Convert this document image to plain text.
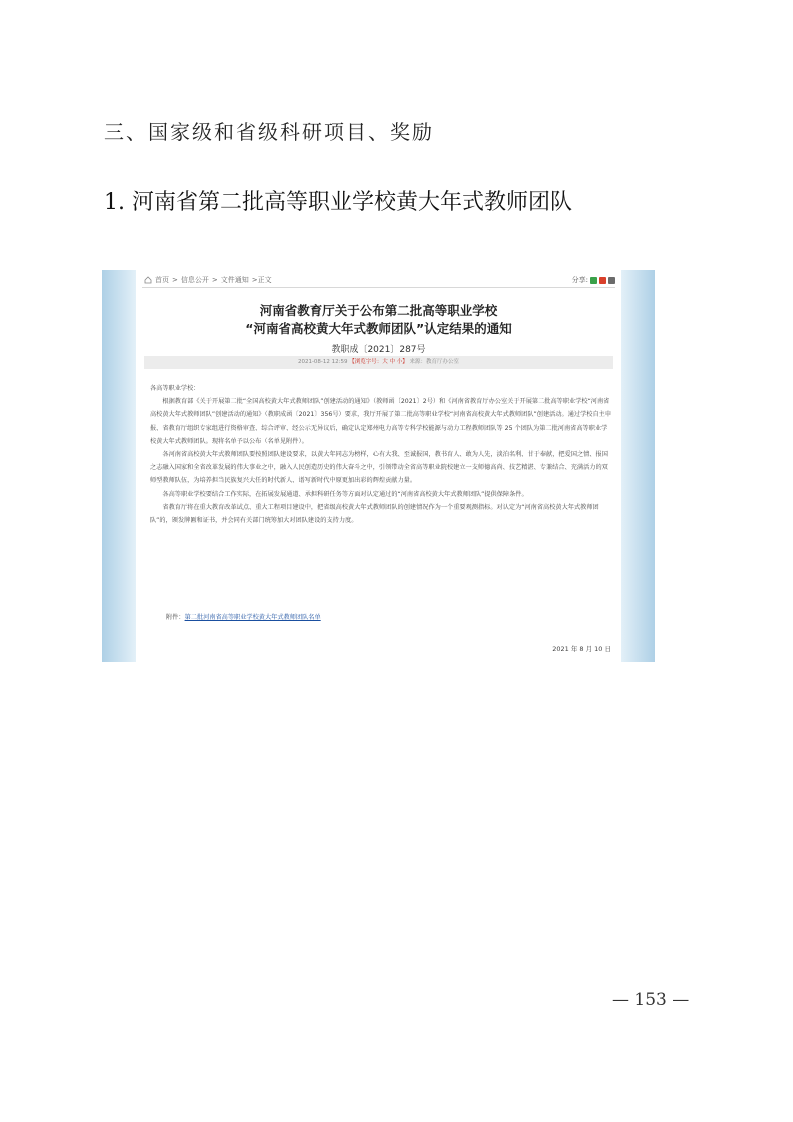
三、国家级和省级科研项目、奖励
1. 河南省第二批高等职业学校黄大年式教师团队
首页 > 信息公开 > 文件通知 >正文	分享:
河南省教育厅关于公布第二批高等职业学校
“河南省高校黄大年式教师团队”认定结果的通知
教职成〔2021〕287号
2021-08-12 12:59 【浏览字号：大 中 小】 来源：教育厅办公室

各高等职业学校：

根据教育部《关于开展第二批“全国高校黄大年式教师团队”创建活动的通知》（教师函〔2021〕2号）和《河南省教育厅办公室关于开展第二批高等职业学校“河南省高校黄大年式教师团队”创建活动的通知》（教职成函〔2021〕356号）要求，我厅开展了第二批高等职业学校“河南省高校黄大年式教师团队”创建活动。通过学校自主申报、省教育厅组织专家组进行资格审查、综合评审、经公示无异议后，确定认定郑州电力高等专科学校能源与动力工程教师团队等 25 个团队为第二批河南省高等职业学校黄大年式教师团队。现将名单予以公布（名单见附件）。

各河南省高校黄大年式教师团队要按照团队建设要求，以黄大年同志为榜样，心有大我、至诚报国，教书育人、敢为人先，淡泊名利、甘于奉献，把爱国之情、报国之志融入国家和全省改革发展的伟大事业之中，融入人民创造历史的伟大奋斗之中，引领带动全省高等职业院校建立一支师德高尚、技艺精湛、专兼结合、充满活力的双师型教师队伍，为培养担当民族复兴大任的时代新人、谱写新时代中原更加出彩的辉煌贡献力量。

各高等职业学校要结合工作实际，在拓展发展通道、承担科研任务等方面对认定通过的“河南省高校黄大年式教师团队”提供保障条件。

省教育厅将在重大教育改革试点、重大工程项目建设中，把省级高校黄大年式教师团队的创建情况作为一个重要观测指标。对认定为“河南省高校黄大年式教师团队”的，颁发牌匾和证书，并会同有关部门统筹加大对团队建设的支持力度。

附件：第二批河南省高等职业学校黄大年式教师团队名单
2021 年 8 月 10 日
— 153 —
